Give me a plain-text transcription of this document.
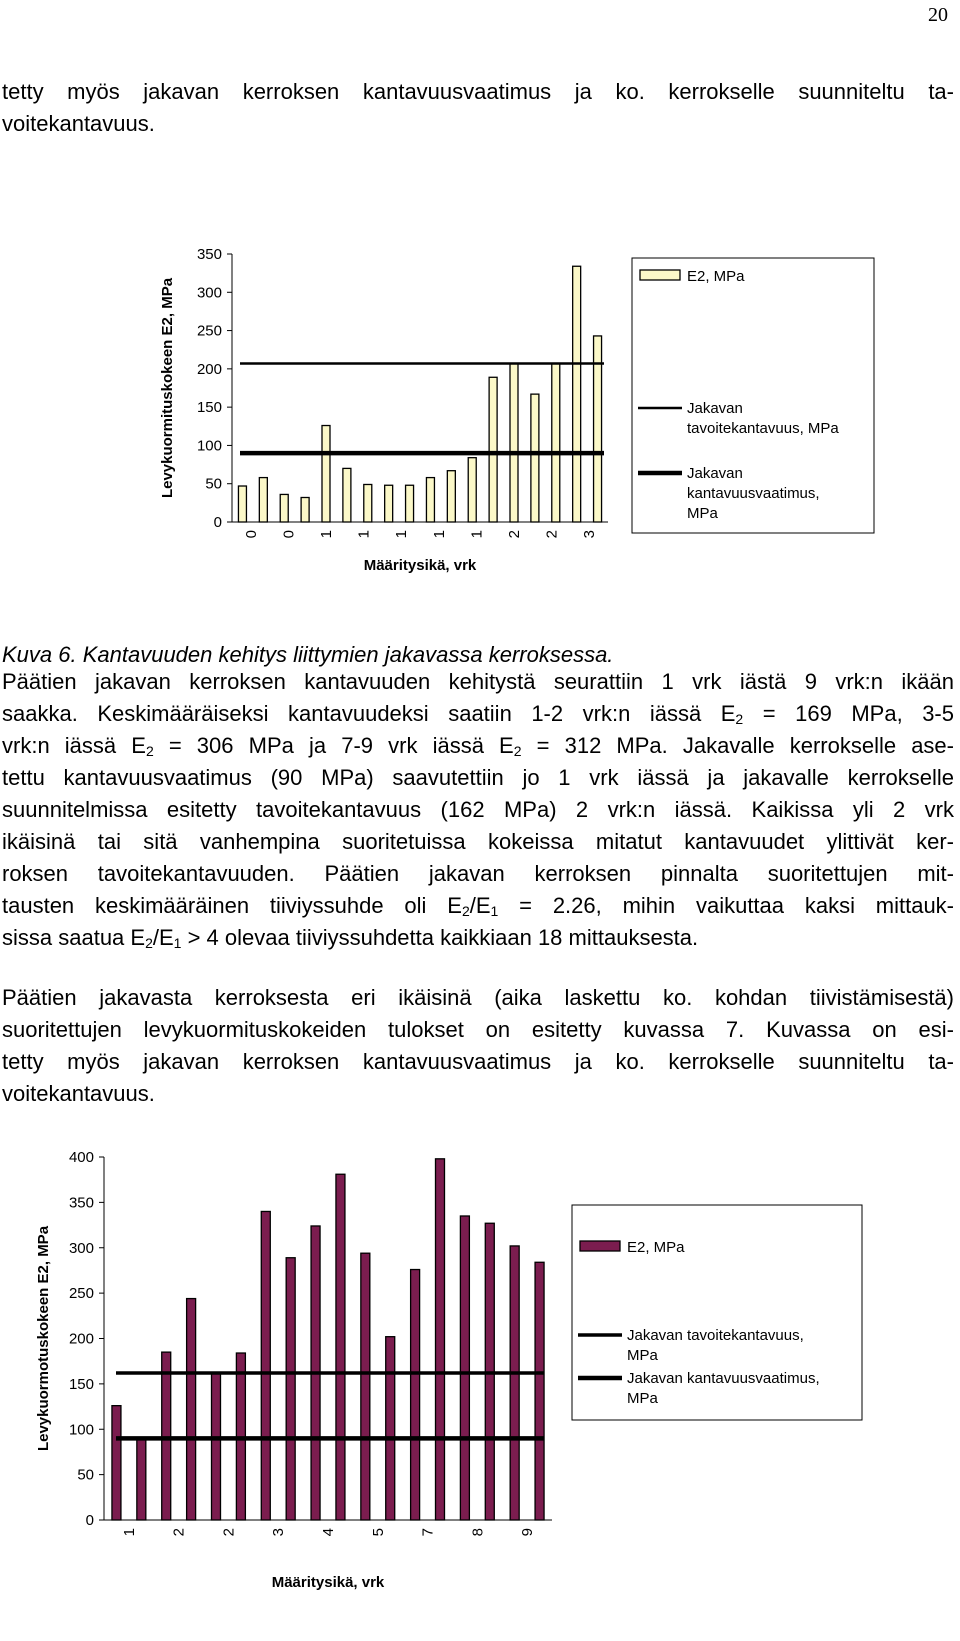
20

tetty myös jakavan kerroksen kantavuusvaatimus ja ko. kerrokselle suunniteltu ta-
voitekantavuus.

0
50
100
150
200
250
300
350
0 0 1 1 1 1 1 2 2 3
Määritysikä, vrk
Levykuormituskokeen E2, MPa
E2, MPa
Jakavan tavoitekantavuus, MPa
Jakavan kantavuusvaatimus, MPa
Kuva 6. Kantavuuden kehitys liittymien jakavassa kerroksessa.

Päätien jakavan kerroksen kantavuuden kehitystä seurattiin 1 vrk iästä 9 vrk:n ikään
saakka. Keskimääräiseksi kantavuudeksi saatiin 1-2 vrk:n iässä $E_2 = 169$ MPa, 3-5
vrk:n iässä $E_2 = 306$ MPa ja 7-9 vrk iässä $E_2 = 312$ MPa. Jakavalle kerrokselle ase-
tettu kantavuusvaatimus (90 MPa) saavutettiin jo 1 vrk iässä ja jakavalle kerrokselle
suunnitelmissa esitetty tavoitekantavuus (162 MPa) 2 vrk:n iässä. Kaikissa yli 2 vrk
ikäisinä tai sitä vanhempina suoritetuissa kokeissa mitatut kantavuudet ylittivät ker-
roksen tavoitekantavuuden. Päätien jakavan kerroksen pinnalta suoritettujen mit-
tausten keskimääräinen tiiviyssuhde oli $E_2/E_1 = 2.26$, mihin vaikuttaa kaksi mittauk-
sissa saatua $E_2/E_1 > 4$ olevaa tiiviyssuhdetta kaikkiaan 18 mittauksesta.

Päätien jakavasta kerroksesta eri ikäisinä (aika laskettu ko. kohdan tiivistämisestä)
suoritettujen levykuormituskokeiden tulokset on esitetty kuvassa 7. Kuvassa on esi-
tetty myös jakavan kerroksen kantavuusvaatimus ja ko. kerrokselle suunniteltu ta-
voitekantavuus.

0
50
100
150
200
250
300
350
400
1 2 2 3 4 5 7 8 9
Määritysikä, vrk
Levykuormotuskokeen E2, MPa	E2, MPa
Jakavan tavoitekantavuus, MPa
Jakavan kantavuusvaatimus, MPa
